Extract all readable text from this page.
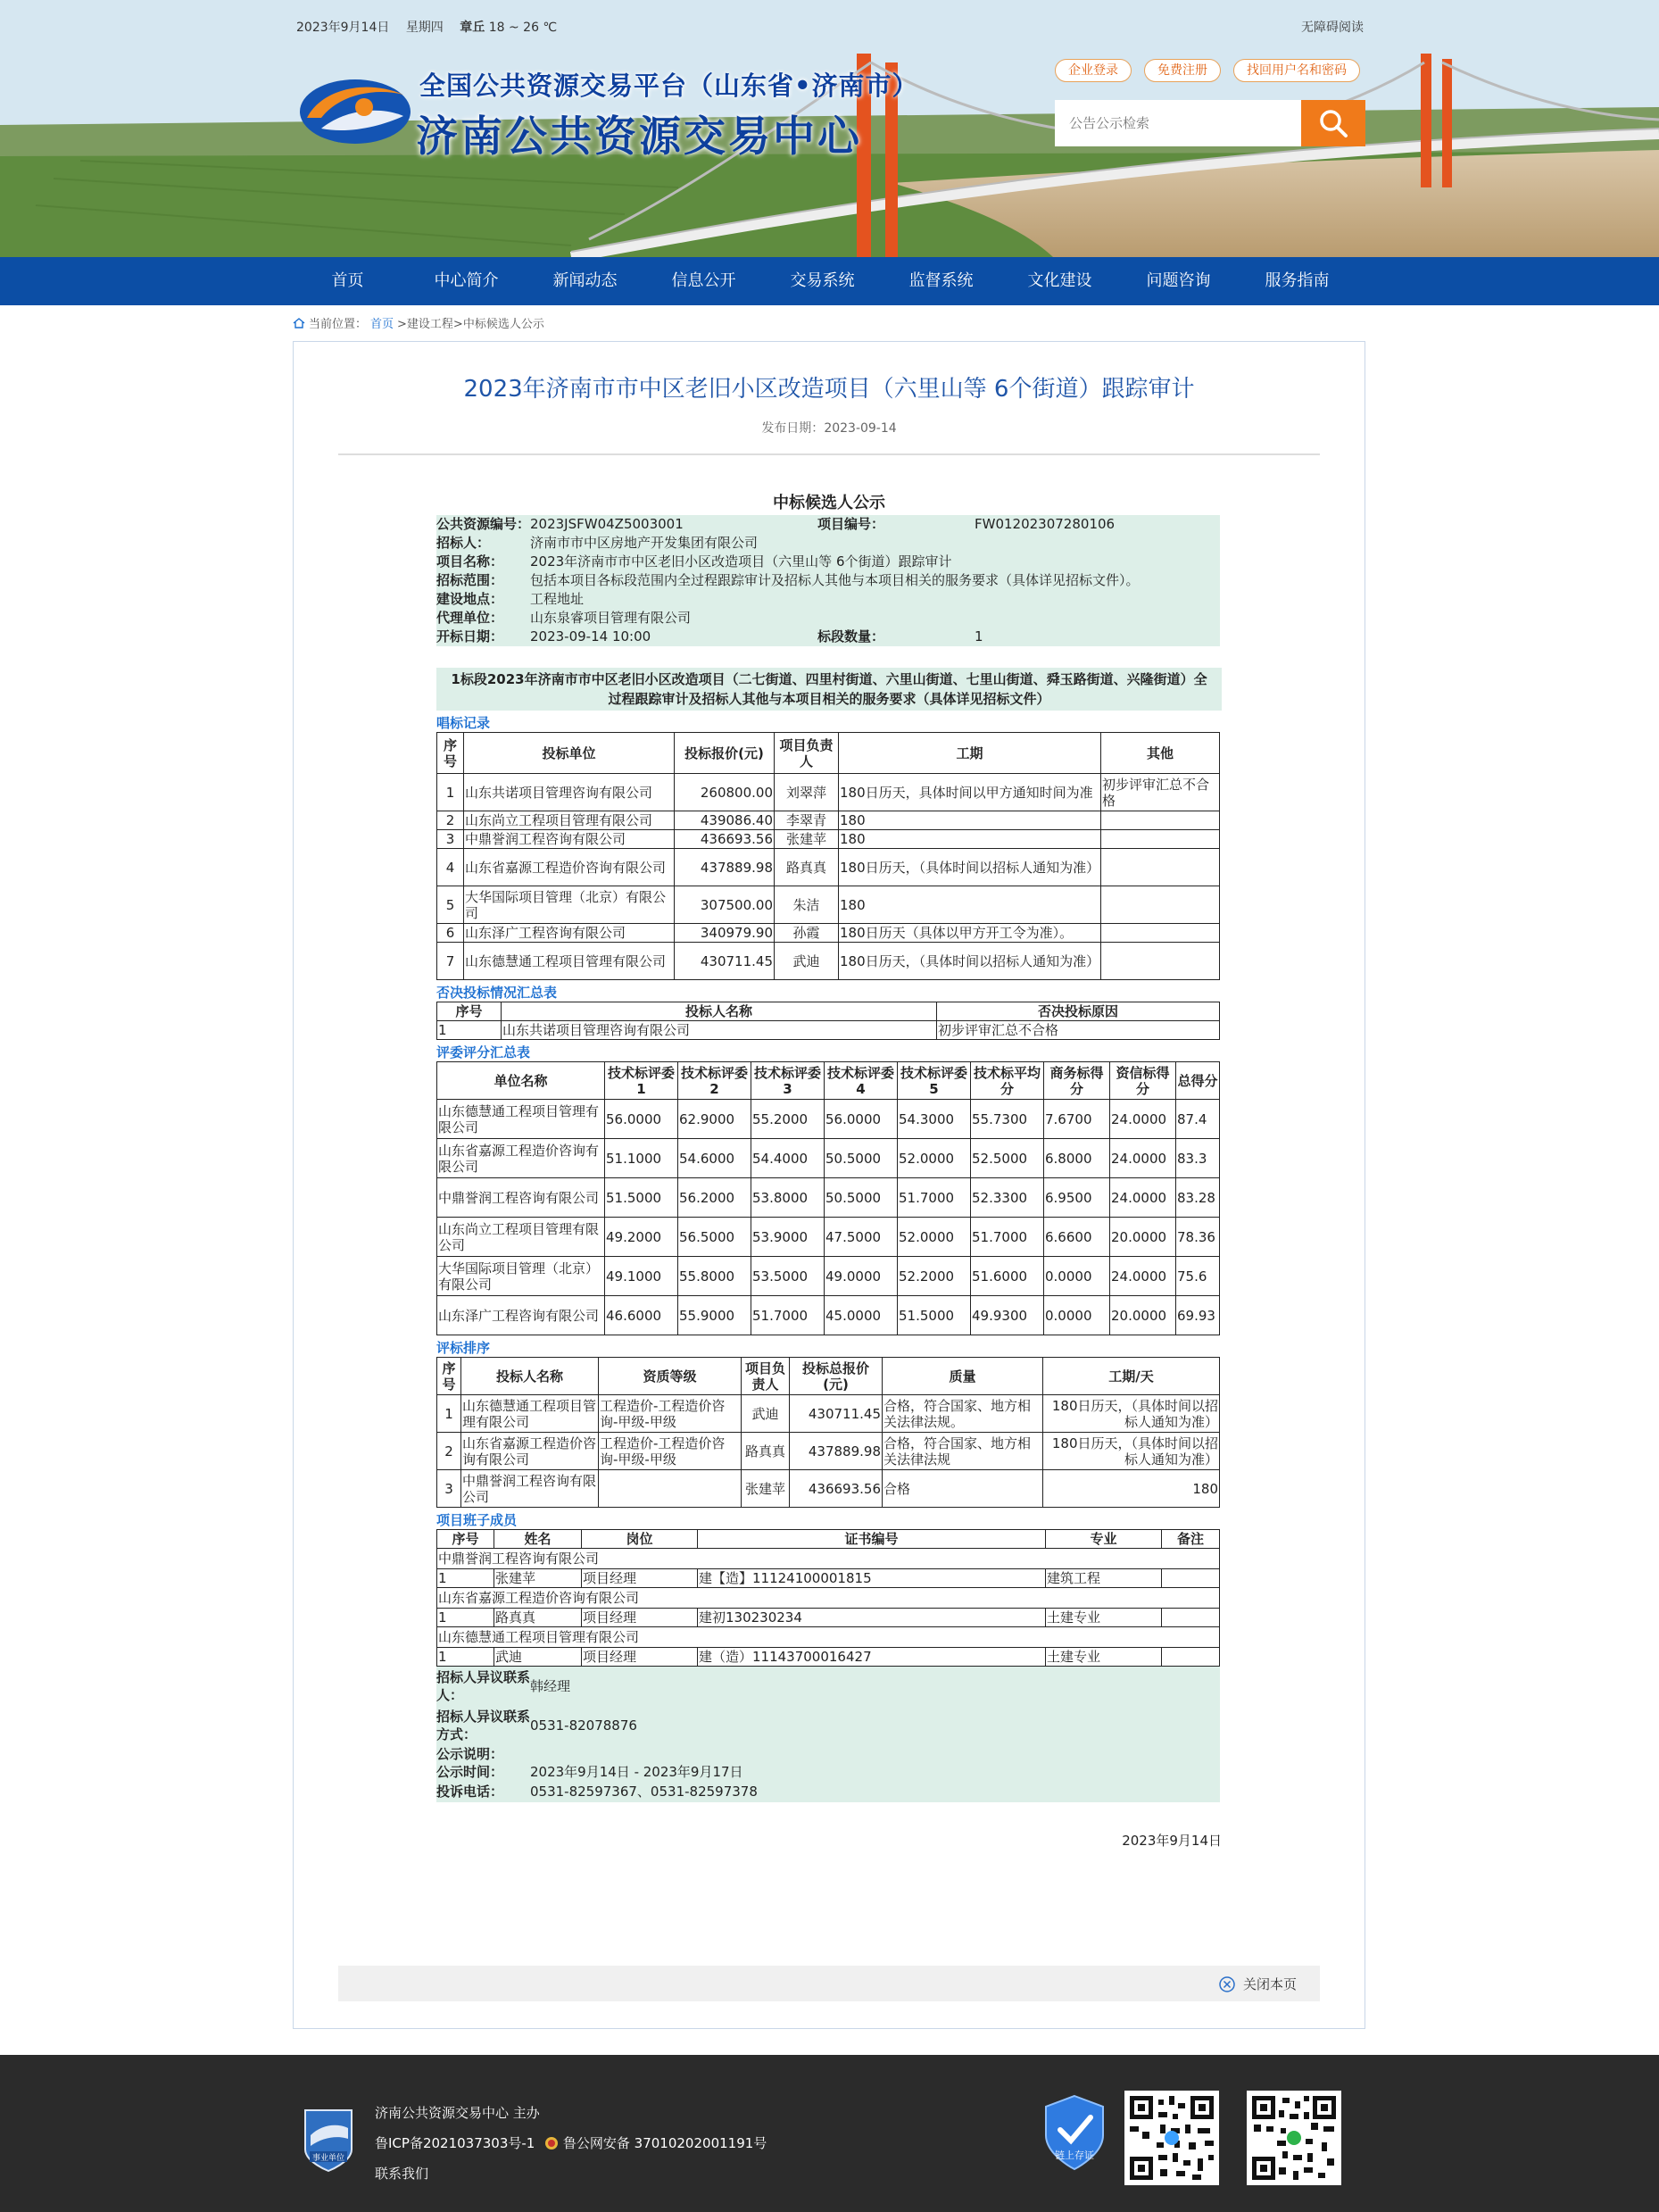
2023年9月14日 星期四 章丘 18 ~ 26 ℃	无障碍阅读
全国公共资源交易平台（山东省•济南市）
济南公共资源交易中心
企业登录	免费注册	找回用户名和密码
公告公示检索
首页	中心简介	新闻动态	信息公开	交易系统	监督系统	文化建设	问题咨询	服务指南
当前位置： 首页 >建设工程>中标候选人公示
2023年济南市市中区老旧小区改造项目（六里山等 6个街道）跟踪审计
发布日期：2023-09-14
中标候选人公示
公共资源编号：	2023JSFW04Z5003001	项目编号：	FW01202307280106
招标人：	济南市市中区房地产开发集团有限公司		
项目名称：	2023年济南市市中区老旧小区改造项目（六里山等 6个街道）跟踪审计		
招标范围：	包括本项目各标段范围内全过程跟踪审计及招标人其他与本项目相关的服务要求（具体详见招标文件）。		
建设地点：	工程地址		
代理单位：	山东泉睿项目管理有限公司		
开标日期：	2023-09-14 10:00	标段数量：	1
1标段2023年济南市市中区老旧小区改造项目（二七街道、四里村街道、六里山街道、七里山街道、舜玉路街道、兴隆街道）全过程跟踪审计及招标人其他与本项目相关的服务要求（具体详见招标文件）
唱标记录
序号	投标单位	投标报价(元)	项目负责人	工期	其他
1	山东共诺项目管理咨询有限公司	260800.00	刘翠萍	180日历天，具体时间以甲方通知时间为准	初步评审汇总不合格
2	山东尚立工程项目管理有限公司	439086.40	李翠青	180	
3	中鼎誉润工程咨询有限公司	436693.56	张建苹	180	
4	山东省嘉源工程造价咨询有限公司	437889.98	路真真	180日历天，（具体时间以招标人通知为准）	
5	大华国际项目管理（北京）有限公司	307500.00	朱洁	180	
6	山东泽广工程咨询有限公司	340979.90	孙霞	180日历天（具体以甲方开工令为准）。	
7	山东德慧通工程项目管理有限公司	430711.45	武迪	180日历天，（具体时间以招标人通知为准）	
否决投标情况汇总表
序号	投标人名称	否决投标原因
1	山东共诺项目管理咨询有限公司	初步评审汇总不合格
评委评分汇总表
单位名称	技术标评委1	技术标评委2	技术标评委3	技术标评委4	技术标评委5	技术标平均分	商务标得分	资信标得分	总得分
山东德慧通工程项目管理有限公司	56.0000	62.9000	55.2000	56.0000	54.3000	55.7300	7.6700	24.0000	87.4
山东省嘉源工程造价咨询有限公司	51.1000	54.6000	54.4000	50.5000	52.0000	52.5000	6.8000	24.0000	83.3
中鼎誉润工程咨询有限公司	51.5000	56.2000	53.8000	50.5000	51.7000	52.3300	6.9500	24.0000	83.28
山东尚立工程项目管理有限公司	49.2000	56.5000	53.9000	47.5000	52.0000	51.7000	6.6600	20.0000	78.36
大华国际项目管理（北京）有限公司	49.1000	55.8000	53.5000	49.0000	52.2000	51.6000	0.0000	24.0000	75.6
山东泽广工程咨询有限公司	46.6000	55.9000	51.7000	45.0000	51.5000	49.9300	0.0000	20.0000	69.93
评标排序
序号	投标人名称	资质等级	项目负责人	投标总报价(元)	质量	工期/天
1	山东德慧通工程项目管理有限公司	工程造价-工程造价咨询-甲级-甲级	武迪	430711.45	合格，符合国家、地方相关法律法规。	180日历天，（具体时间以招标人通知为准）
2	山东省嘉源工程造价咨询有限公司	工程造价-工程造价咨询-甲级-甲级	路真真	437889.98	合格，符合国家、地方相关法律法规	180日历天，（具体时间以招标人通知为准）
3	中鼎誉润工程咨询有限公司		张建苹	436693.56	合格	180
项目班子成员
序号	姓名	岗位	证书编号	专业	备注
中鼎誉润工程咨询有限公司					
1	张建苹	项目经理	建【造】11124100001815	建筑工程	
山东省嘉源工程造价咨询有限公司					
1	路真真	项目经理	建初130230234	土建专业	
山东德慧通工程项目管理有限公司					
1	武迪	项目经理	建（造）11143700016427	土建专业	
招标人异议联系人：	韩经理
招标人异议联系方式：	0531-82078876
公示说明：	
公示时间：	2023年9月14日 - 2023年9月17日
投诉电话：	0531-82597367、0531-82597378
2023年9月14日
关闭本页
事业单位
济南公共资源交易中心 主办
鲁ICP备2021037303号-1 鲁公网安备 37010202001191号
联系我们
链上存证
